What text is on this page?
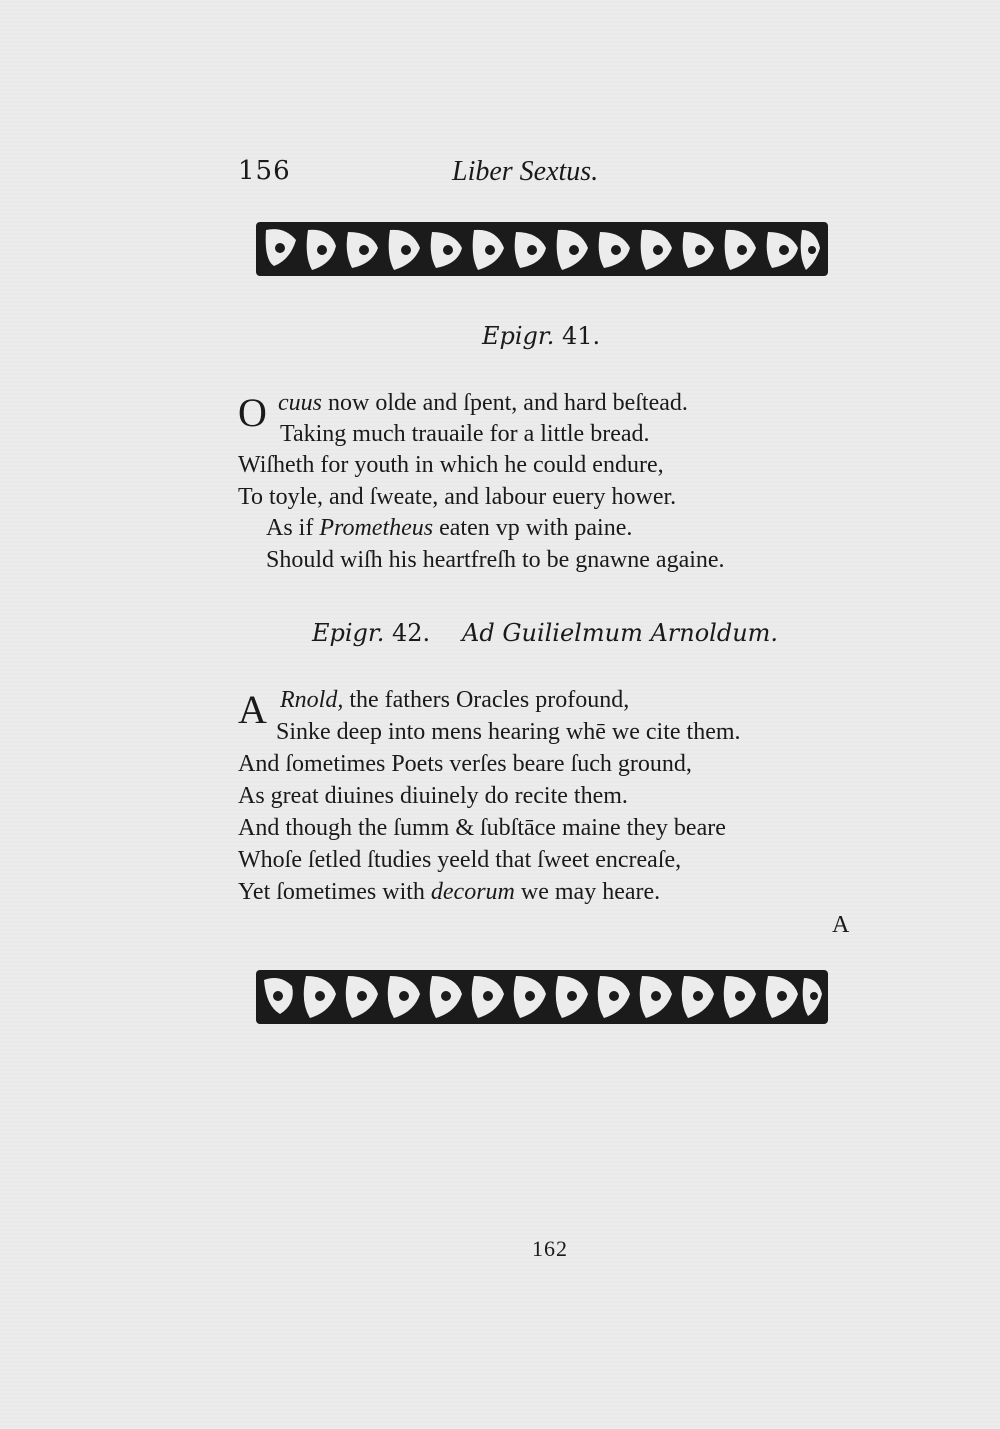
156	Liber Sextus.
Epigr. 41.
O cuus now olde and ſpent, and hard beſtead.
Taking much trauaile for a little bread.
Wiſheth for youth in which he could endure,
To toyle, and ſweate, and labour euery hower.
As if Prometheus eaten vp with paine.
Should wiſh his heartfreſh to be gnawne againe.
Epigr. 42. Ad Guilielmum Arnoldum.
A Rnold, the fathers Oracles profound,
Sinke deep into mens hearing whē we cite them.
And ſometimes Poets verſes beare ſuch ground,
As great diuines diuinely do recite them.
And though the ſumm & ſubſtāce maine they beare
Whoſe ſetled ſtudies yeeld that ſweet encreaſe,
Yet ſometimes with decorum we may heare.
A
162
